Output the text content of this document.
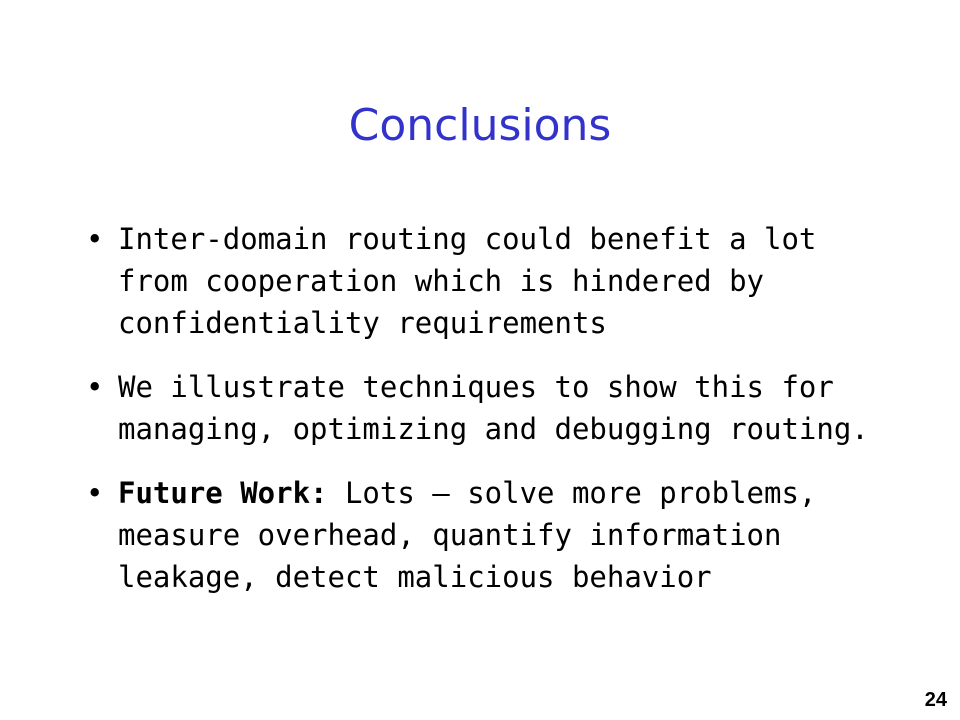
Conclusions
• Inter-domain routing could benefit a lot from cooperation which is hindered by confidentiality requirements
• We illustrate techniques to show this for managing, optimizing and debugging routing.
• Future Work: Lots – solve more problems, measure overhead, quantify information leakage, detect malicious behavior
24
